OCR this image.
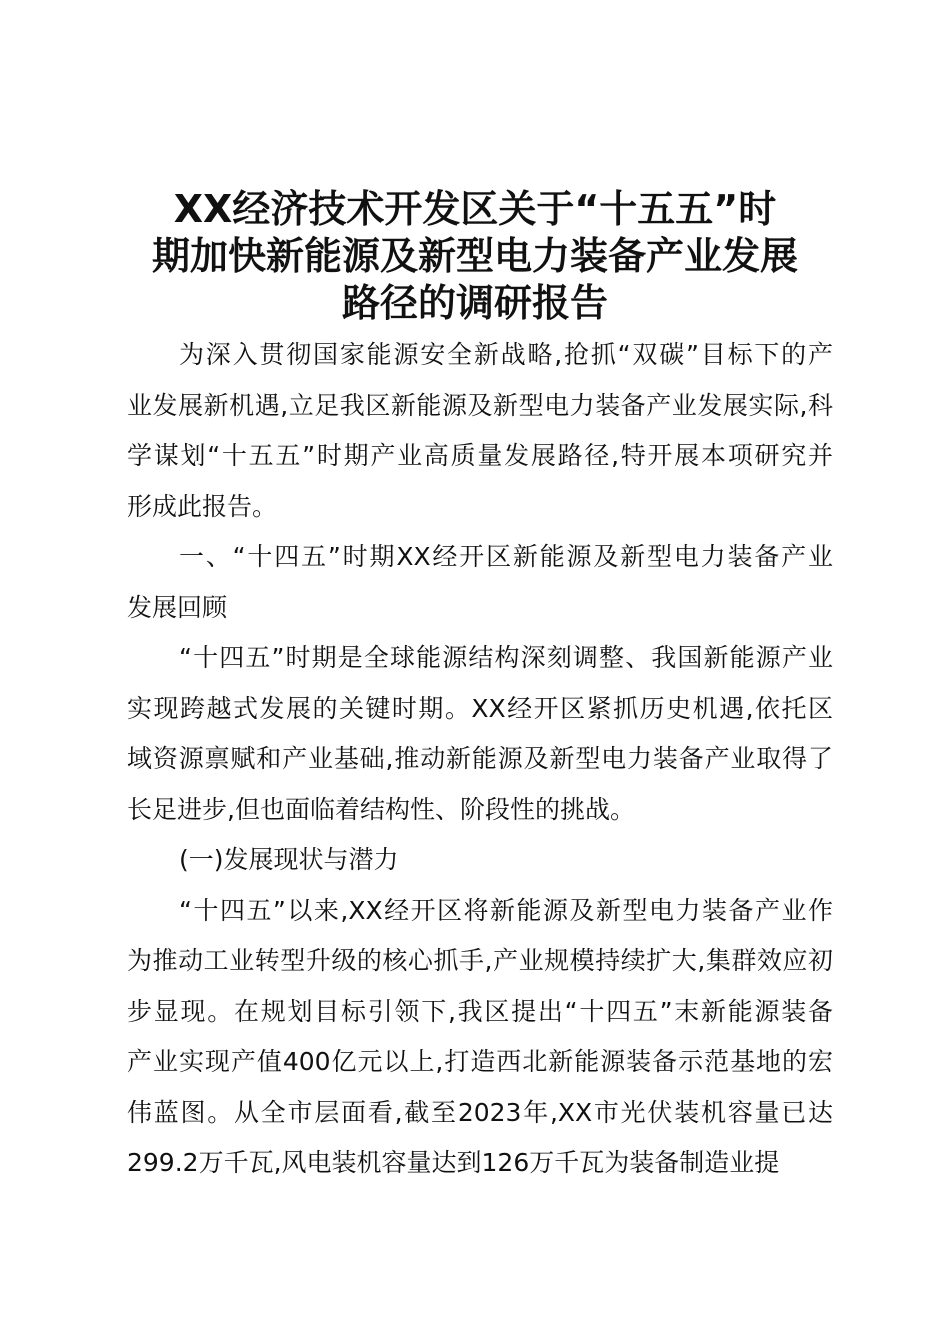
XX经济技术开发区关于“十五五”时
期加快新能源及新型电力装备产业发展
路径的调研报告
为深入贯彻国家能源安全新战略,抢抓“双碳”目标下的产
业发展新机遇,立足我区新能源及新型电力装备产业发展实际,科
学谋划“十五五”时期产业高质量发展路径,特开展本项研究并
形成此报告。
一、“十四五”时期XX经开区新能源及新型电力装备产业
发展回顾
“十四五”时期是全球能源结构深刻调整、我国新能源产业
实现跨越式发展的关键时期。XX经开区紧抓历史机遇,依托区
域资源禀赋和产业基础,推动新能源及新型电力装备产业取得了
长足进步,但也面临着结构性、阶段性的挑战。
(一)发展现状与潜力
“十四五”以来,XX经开区将新能源及新型电力装备产业作
为推动工业转型升级的核心抓手,产业规模持续扩大,集群效应初
步显现。在规划目标引领下,我区提出“十四五”末新能源装备
产业实现产值400亿元以上,打造西北新能源装备示范基地的宏
伟蓝图。从全市层面看,截至2023年,XX市光伏装机容量已达
299.2万千瓦,风电装机容量达到126万千瓦为装备制造业提
